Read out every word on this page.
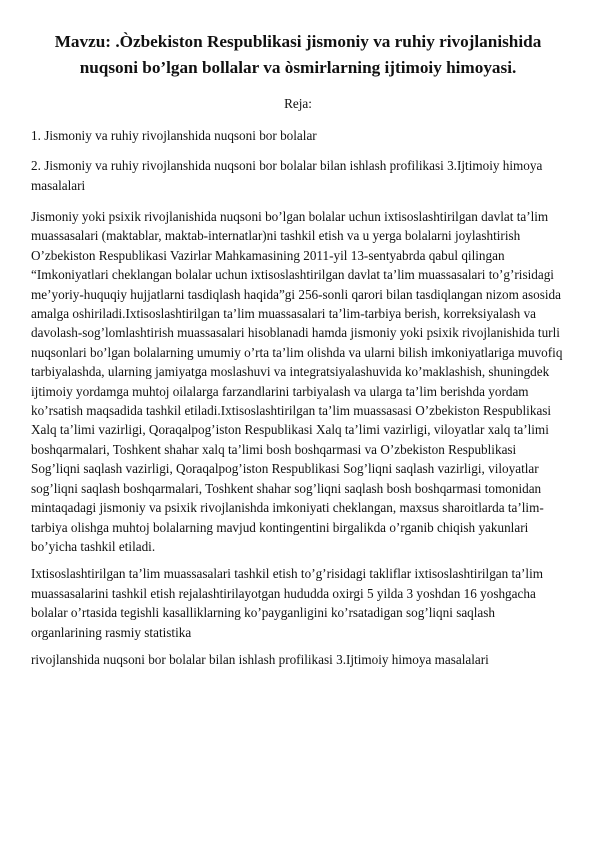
Mavzu: .Òzbekiston Respublikasi jismoniy va ruhiy rivojlanishida
nuqsoni bo’lgan bollalar va òsmirlarning ijtimoiy himoyasi.

Reja:

1. Jismoniy va ruhiy rivojlanshida nuqsoni bor bolalar

2. Jismoniy va ruhiy rivojlanshida nuqsoni bor bolalar bilan ishlash profilikasi 3.Ijtimoiy himoya masalalari

Jismoniy yoki psixik rivojlanishida nuqsoni bo’lgan bolalar uchun ixtisoslashtirilgan davlat ta’lim muassasalari (maktablar, maktab-internatlar)ni tashkil etish va u yerga bolalarni joylashtirish O’zbekiston Respublikasi Vazirlar Mahkamasining 2011-yil 13-sentyabrda qabul qilingan “Imkoniyatlari cheklangan bolalar uchun ixtisoslashtirilgan davlat ta’lim muassasalari to’g’risidagi me’yoriy-huquqiy hujjatlarni tasdiqlash haqida”gi 256-sonli qarori bilan tasdiqlangan nizom asosida amalga oshiriladi.Ixtisoslashtirilgan ta’lim muassasalari ta’lim-tarbiya berish, korreksiyalash va davolash-sog’lomlashtirish muassasalari hisoblanadi hamda jismoniy yoki psixik rivojlanishida turli nuqsonlari bo’lgan bolalarning umumiy o’rta ta’lim olishda va ularni bilish imkoniyatlariga muvofiq tarbiyalashda, ularning jamiyatga moslashuvi va integratsiyalashuvida ko’maklashish, shuningdek ijtimoiy yordamga muhtoj oilalarga farzandlarini tarbiyalash va ularga ta’lim berishda yordam ko’rsatish maqsadida tashkil etiladi.Ixtisoslashtirilgan ta’lim muassasasi O’zbekiston Respublikasi Xalq ta’limi vazirligi, Qoraqalpog’iston Respublikasi Xalq ta’limi vazirligi, viloyatlar xalq ta’limi boshqarmalari, Toshkent shahar xalq ta’limi bosh boshqarmasi va O’zbekiston Respublikasi Sog’liqni saqlash vazirligi, Qoraqalpog’iston Respublikasi Sog’liqni saqlash vazirligi, viloyatlar sog’liqni saqlash boshqarmalari, Toshkent shahar sog’liqni saqlash bosh boshqarmasi tomonidan mintaqadagi jismoniy va psixik rivojlanishda imkoniyati cheklangan, maxsus sharoitlarda ta’lim-tarbiya olishga muhtoj bolalarning mavjud kontingentini birgalikda o’rganib chiqish yakunlari bo’yicha tashkil etiladi.

Ixtisoslashtirilgan ta’lim muassasalari tashkil etish to’g’risidagi takliflar ixtisoslashtirilgan ta’lim muassasalarini tashkil etish rejalashtirilayotgan hududda oxirgi 5 yilda 3 yoshdan 16 yoshgacha bolalar o’rtasida tegishli kasalliklarning ko’payganligini ko’rsatadigan sog’liqni saqlash organlarining rasmiy statistika

rivojlanshida nuqsoni bor bolalar bilan ishlash profilikasi 3.Ijtimoiy himoya masalalari
